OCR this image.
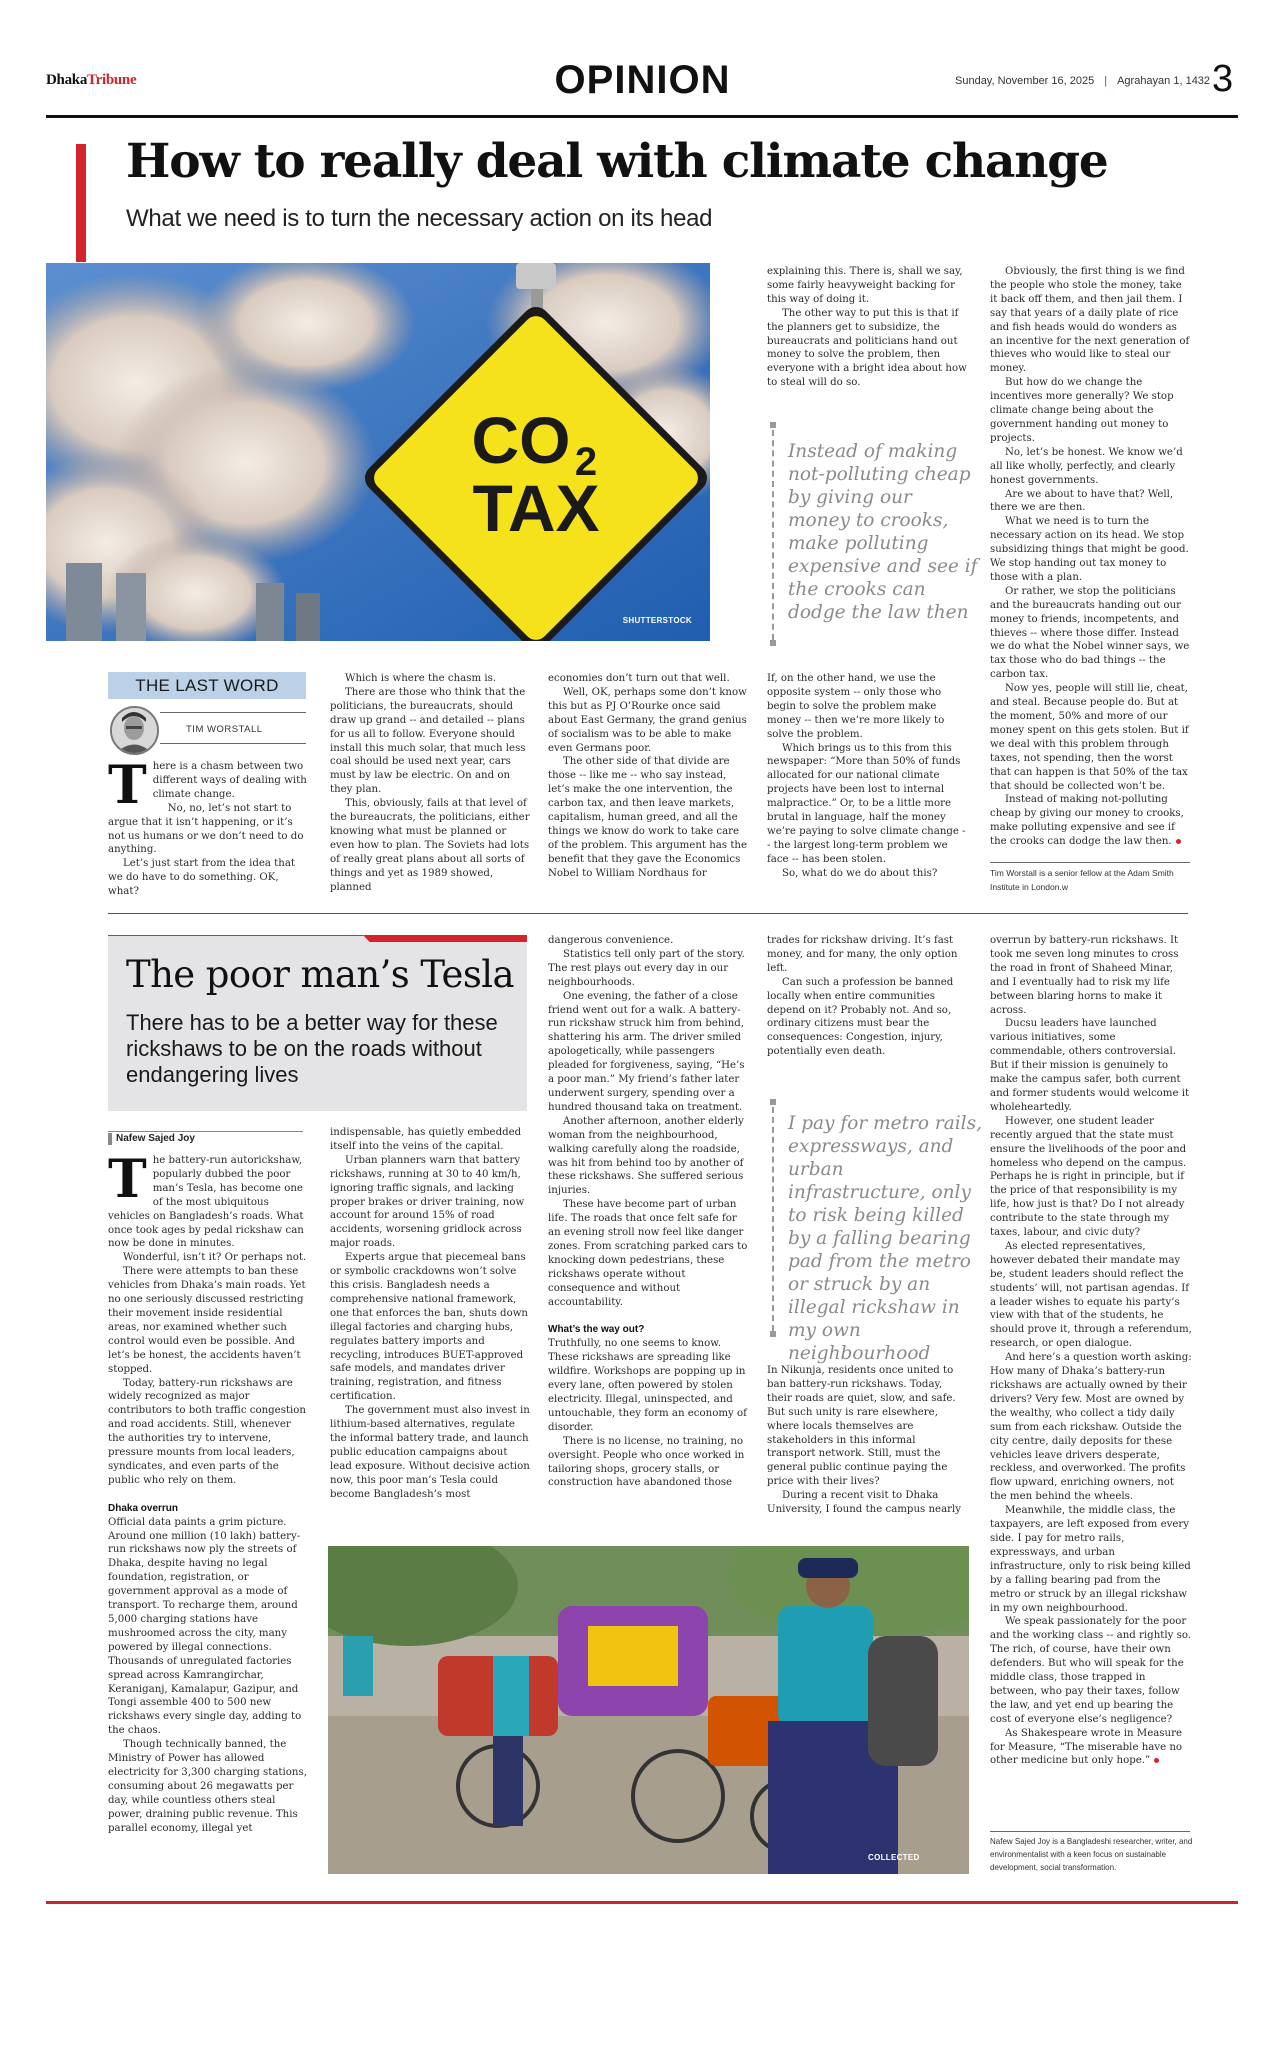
DhakaTribune	OPINION	Sunday, November 16, 2025 | Agrahayan 1, 1432 3
How to really deal with climate change
What we need is to turn the necessary action on its head
CO 2
TAX
SHUTTERSTOCK

explaining this. There is, shall we say, some fairly heavyweight backing for this way of doing it.

The other way to put this is that if the planners get to subsidize, the bureaucrats and politicians hand out money to solve the problem, then everyone with a bright idea about how to steal will do so.

Instead of making not-polluting cheap by giving our money to crooks, make polluting expensive and see if the crooks can dodge the law then

Obviously, the first thing is we find the people who stole the money, take it back off them, and then jail them. I say that years of a daily plate of rice and fish heads would do wonders as an incentive for the next generation of thieves who would like to steal our money.

But how do we change the incentives more generally? We stop climate change being about the government handing out money to projects.

No, let’s be honest. We know we’d all like wholly, perfectly, and clearly honest governments.

Are we about to have that? Well, there we are then.

What we need is to turn the necessary action on its head. We stop subsidizing things that might be good. We stop handing out tax money to those with a plan.

Or rather, we stop the politicians and the bureaucrats handing out our money to friends, incompetents, and thieves -- where those differ. Instead we do what the Nobel winner says, we tax those who do bad things -- the carbon tax.

Now yes, people will still lie, cheat, and steal. Because people do. But at the moment, 50% and more of our money spent on this gets stolen. But if we deal with this problem through taxes, not spending, then the worst that can happen is that 50% of the tax that should be collected won’t be.

Instead of making not-polluting cheap by giving our money to crooks, make polluting expensive and see if the crooks can dodge the law then.

Tim Worstall is a senior fellow at the Adam Smith Institute in London.w
THE LAST WORD
TIM WORSTALL

There is a chasm between two different ways of dealing with climate change.

No, no, let’s not start to argue that it isn’t happening, or it’s not us humans or we don’t need to do anything.

Let’s just start from the idea that we do have to do something. OK, what?

Which is where the chasm is.

There are those who think that the politicians, the bureaucrats, should draw up grand -- and detailed -- plans for us all to follow. Everyone should install this much solar, that much less coal should be used next year, cars must by law be electric. On and on they plan.

This, obviously, fails at that level of the bureaucrats, the politicians, either knowing what must be planned or even how to plan. The Soviets had lots of really great plans about all sorts of things and yet as 1989 showed, planned

economies don’t turn out that well.

Well, OK, perhaps some don’t know this but as PJ O’Rourke once said about East Germany, the grand genius of socialism was to be able to make even Germans poor.

The other side of that divide are those -- like me -- who say instead, let’s make the one intervention, the carbon tax, and then leave markets, capitalism, human greed, and all the things we know do work to take care of the problem. This argument has the benefit that they gave the Economics Nobel to William Nordhaus for

If, on the other hand, we use the opposite system -- only those who begin to solve the problem make money -- then we’re more likely to solve the problem.

Which brings us to this from this newspaper: “More than 50% of funds allocated for our national climate projects have been lost to internal malpractice.” Or, to be a little more brutal in language, half the money we’re paying to solve climate change -- the largest long-term problem we face -- has been stolen.

So, what do we do about this?

The poor man’s Tesla
There has to be a better way for these rickshaws to be on the roads without endangering lives
Nafew Sajed Joy

The battery-run autorickshaw, popularly dubbed the poor man’s Tesla, has become one of the most ubiquitous vehicles on Bangladesh’s roads. What once took ages by pedal rickshaw can now be done in minutes.

Wonderful, isn’t it? Or perhaps not.

There were attempts to ban these vehicles from Dhaka’s main roads. Yet no one seriously discussed restricting their movement inside residential areas, nor examined whether such control would even be possible. And let’s be honest, the accidents haven’t stopped.

Today, battery-run rickshaws are widely recognized as major contributors to both traffic congestion and road accidents. Still, whenever the authorities try to intervene, pressure mounts from local leaders, syndicates, and even parts of the public who rely on them.

Dhaka overrun

Official data paints a grim picture. Around one million (10 lakh) battery-run rickshaws now ply the streets of Dhaka, despite having no legal foundation, registration, or government approval as a mode of transport. To recharge them, around 5,000 charging stations have mushroomed across the city, many powered by illegal connections. Thousands of unregulated factories spread across Kamrangirchar, Keraniganj, Kamalapur, Gazipur, and Tongi assemble 400 to 500 new rickshaws every single day, adding to the chaos.

Though technically banned, the Ministry of Power has allowed electricity for 3,300 charging stations, consuming about 26 megawatts per day, while countless others steal power, draining public revenue. This parallel economy, illegal yet

indispensable, has quietly embedded itself into the veins of the capital.

Urban planners warn that battery rickshaws, running at 30 to 40 km/h, ignoring traffic signals, and lacking proper brakes or driver training, now account for around 15% of road accidents, worsening gridlock across major roads.

Experts argue that piecemeal bans or symbolic crackdowns won’t solve this crisis. Bangladesh needs a comprehensive national framework, one that enforces the ban, shuts down illegal factories and charging hubs, regulates battery imports and recycling, introduces BUET-approved safe models, and mandates driver training, registration, and fitness certification.

The government must also invest in lithium-based alternatives, regulate the informal battery trade, and launch public education campaigns about lead exposure. Without decisive action now, this poor man’s Tesla could become Bangladesh’s most

dangerous convenience.

Statistics tell only part of the story. The rest plays out every day in our neighbourhoods.

One evening, the father of a close friend went out for a walk. A battery-run rickshaw struck him from behind, shattering his arm. The driver smiled apologetically, while passengers pleaded for forgiveness, saying, “He’s a poor man.” My friend’s father later underwent surgery, spending over a hundred thousand taka on treatment.

Another afternoon, another elderly woman from the neighbourhood, walking carefully along the roadside, was hit from behind too by another of these rickshaws. She suffered serious injuries.

These have become part of urban life. The roads that once felt safe for an evening stroll now feel like danger zones. From scratching parked cars to knocking down pedestrians, these rickshaws operate without consequence and without accountability.

What’s the way out?

Truthfully, no one seems to know. These rickshaws are spreading like wildfire. Workshops are popping up in every lane, often powered by stolen electricity. Illegal, uninspected, and untouchable, they form an economy of disorder.

There is no license, no training, no oversight. People who once worked in tailoring shops, grocery stalls, or construction have abandoned those

trades for rickshaw driving. It’s fast money, and for many, the only option left.

Can such a profession be banned locally when entire communities depend on it? Probably not. And so, ordinary citizens must bear the consequences: Congestion, injury, potentially even death.

I pay for metro rails, expressways, and urban infrastructure, only to risk being killed by a falling bearing pad from the metro or struck by an illegal rickshaw in my own neighbourhood

In Nikunja, residents once united to ban battery-run rickshaws. Today, their roads are quiet, slow, and safe. But such unity is rare elsewhere, where locals themselves are stakeholders in this informal transport network. Still, must the general public continue paying the price with their lives?

During a recent visit to Dhaka University, I found the campus nearly

overrun by battery-run rickshaws. It took me seven long minutes to cross the road in front of Shaheed Minar, and I eventually had to risk my life between blaring horns to make it across.

Ducsu leaders have launched various initiatives, some commendable, others controversial. But if their mission is genuinely to make the campus safer, both current and former students would welcome it wholeheartedly.

However, one student leader recently argued that the state must ensure the livelihoods of the poor and homeless who depend on the campus. Perhaps he is right in principle, but if the price of that responsibility is my life, how just is that? Do I not already contribute to the state through my taxes, labour, and civic duty?

As elected representatives, however debated their mandate may be, student leaders should reflect the students’ will, not partisan agendas. If a leader wishes to equate his party’s view with that of the students, he should prove it, through a referendum, research, or open dialogue.

And here’s a question worth asking: How many of Dhaka’s battery-run rickshaws are actually owned by their drivers? Very few. Most are owned by the wealthy, who collect a tidy daily sum from each rickshaw. Outside the city centre, daily deposits for these vehicles leave drivers desperate, reckless, and overworked. The profits flow upward, enriching owners, not the men behind the wheels.

Meanwhile, the middle class, the taxpayers, are left exposed from every side. I pay for metro rails, expressways, and urban infrastructure, only to risk being killed by a falling bearing pad from the metro or struck by an illegal rickshaw in my own neighbourhood.

We speak passionately for the poor and the working class -- and rightly so. The rich, of course, have their own defenders. But who will speak for the middle class, those trapped in between, who pay their taxes, follow the law, and yet end up bearing the cost of everyone else’s negligence?

As Shakespeare wrote in Measure for Measure, “The miserable have no other medicine but only hope.”

Nafew Sajed Joy is a Bangladeshi researcher, writer, and environmentalist with a keen focus on sustainable development, social transformation.
COLLECTED
